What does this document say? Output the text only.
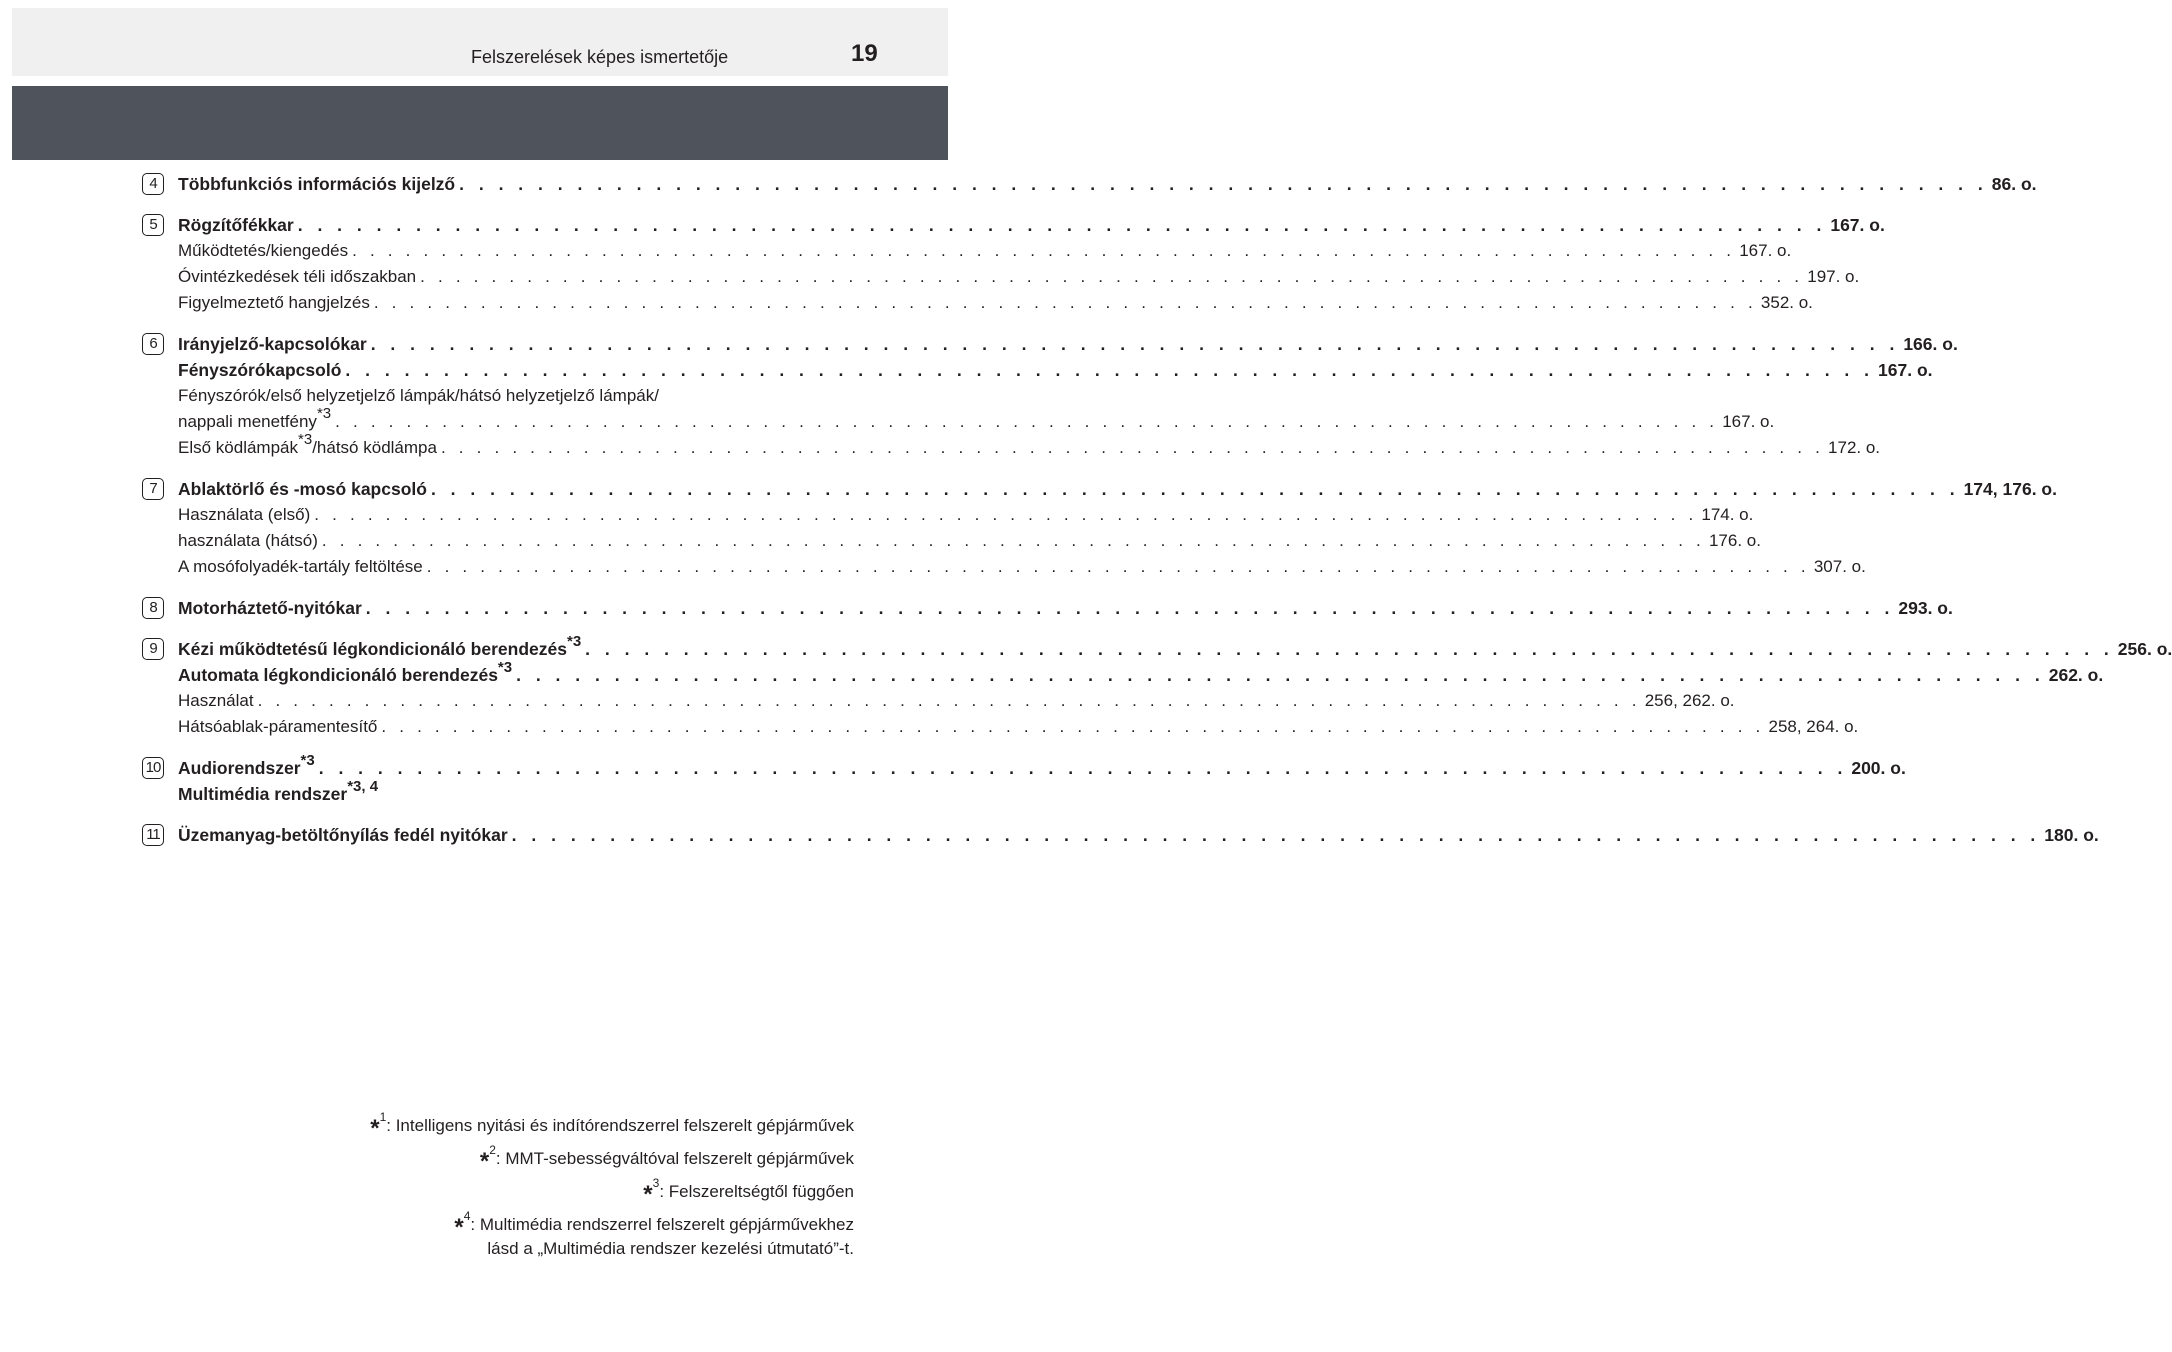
Felszerelések képes ismertetője	19
4	Többfunkciós információs kijelző . . . . . . . . . . . . . . . . . . . . . . . . . . . . . . . . . . . . . . . . . . . . . . . . . . . . . . . . . . . . . . . . . . . . . . . . . . . . . . 86. o.
5	Rögzítőfékkar . . . . . . . . . . . . . . . . . . . . . . . . . . . . . . . . . . . . . . . . . . . . . . . . . . . . . . . . . . . . . . . . . . . . . . . . . . . . . . 167. o.
Működtetés/kiengedés . . . . . . . . . . . . . . . . . . . . . . . . . . . . . . . . . . . . . . . . . . . . . . . . . . . . . . . . . . . . . . . . . . . . . . . . . . . . . . 167. o.
Óvintézkedések téli időszakban . . . . . . . . . . . . . . . . . . . . . . . . . . . . . . . . . . . . . . . . . . . . . . . . . . . . . . . . . . . . . . . . . . . . . . . . . . . . . . 197. o.
Figyelmeztető hangjelzés . . . . . . . . . . . . . . . . . . . . . . . . . . . . . . . . . . . . . . . . . . . . . . . . . . . . . . . . . . . . . . . . . . . . . . . . . . . . . . 352. o.
6	Irányjelző-kapcsolókar . . . . . . . . . . . . . . . . . . . . . . . . . . . . . . . . . . . . . . . . . . . . . . . . . . . . . . . . . . . . . . . . . . . . . . . . . . . . . . 166. o.
Fényszórókapcsoló . . . . . . . . . . . . . . . . . . . . . . . . . . . . . . . . . . . . . . . . . . . . . . . . . . . . . . . . . . . . . . . . . . . . . . . . . . . . . . 167. o.
Fényszórók/első helyzetjelző lámpák/hátsó helyzetjelző lámpák/
nappali menetfény$^{*3}$ . . . . . . . . . . . . . . . . . . . . . . . . . . . . . . . . . . . . . . . . . . . . . . . . . . . . . . . . . . . . . . . . . . . . . . . . . . . . . . 167. o.
Első ködlámpák$^{*3}$/hátsó ködlámpa . . . . . . . . . . . . . . . . . . . . . . . . . . . . . . . . . . . . . . . . . . . . . . . . . . . . . . . . . . . . . . . . . . . . . . . . . . . . . . 172. o.
7	Ablaktörlő és -mosó kapcsoló . . . . . . . . . . . . . . . . . . . . . . . . . . . . . . . . . . . . . . . . . . . . . . . . . . . . . . . . . . . . . . . . . . . . . . . . . . . . . . 174, 176. o.
Használata (első) . . . . . . . . . . . . . . . . . . . . . . . . . . . . . . . . . . . . . . . . . . . . . . . . . . . . . . . . . . . . . . . . . . . . . . . . . . . . . . 174. o.
használata (hátsó) . . . . . . . . . . . . . . . . . . . . . . . . . . . . . . . . . . . . . . . . . . . . . . . . . . . . . . . . . . . . . . . . . . . . . . . . . . . . . . 176. o.
A mosófolyadék-tartály feltöltése . . . . . . . . . . . . . . . . . . . . . . . . . . . . . . . . . . . . . . . . . . . . . . . . . . . . . . . . . . . . . . . . . . . . . . . . . . . . . . 307. o.
8	Motorháztető-nyitókar . . . . . . . . . . . . . . . . . . . . . . . . . . . . . . . . . . . . . . . . . . . . . . . . . . . . . . . . . . . . . . . . . . . . . . . . . . . . . . 293. o.
9	Kézi működtetésű légkondicionáló berendezés$^{*3}$ . . . . . . . . . . . . . . . . . . . . . . . . . . . . . . . . . . . . . . . . . . . . . . . . . . . . . . . . . . . . . . . . . . . . . . . . . . . . . . 256. o.
Automata légkondicionáló berendezés$^{*3}$ . . . . . . . . . . . . . . . . . . . . . . . . . . . . . . . . . . . . . . . . . . . . . . . . . . . . . . . . . . . . . . . . . . . . . . . . . . . . . . 262. o.
Használat . . . . . . . . . . . . . . . . . . . . . . . . . . . . . . . . . . . . . . . . . . . . . . . . . . . . . . . . . . . . . . . . . . . . . . . . . . . . . . 256, 262. o.
Hátsóablak-páramentesítő . . . . . . . . . . . . . . . . . . . . . . . . . . . . . . . . . . . . . . . . . . . . . . . . . . . . . . . . . . . . . . . . . . . . . . . . . . . . . . 258, 264. o.
10 Audiorendszer$^{*3}$ . . . . . . . . . . . . . . . . . . . . . . . . . . . . . . . . . . . . . . . . . . . . . . . . . . . . . . . . . . . . . . . . . . . . . . . . . . . . . . 200. o.
Multimédia rendszer$^{*3, 4}$
11 Üzemanyag-betöltőnyílás fedél nyitókar . . . . . . . . . . . . . . . . . . . . . . . . . . . . . . . . . . . . . . . . . . . . . . . . . . . . . . . . . . . . . . . . . . . . . . . . . . . . . . 180. o.
*$^1$: Intelligens nyitási és indítórendszerrel felszerelt gépjárművek
*$^2$: MMT-sebességváltóval felszerelt gépjárművek
*$^3$: Felszereltségtől függően
*$^4$: Multimédia rendszerrel felszerelt gépjárművekhez
lásd a „Multimédia rendszer kezelési útmutató”-t.
